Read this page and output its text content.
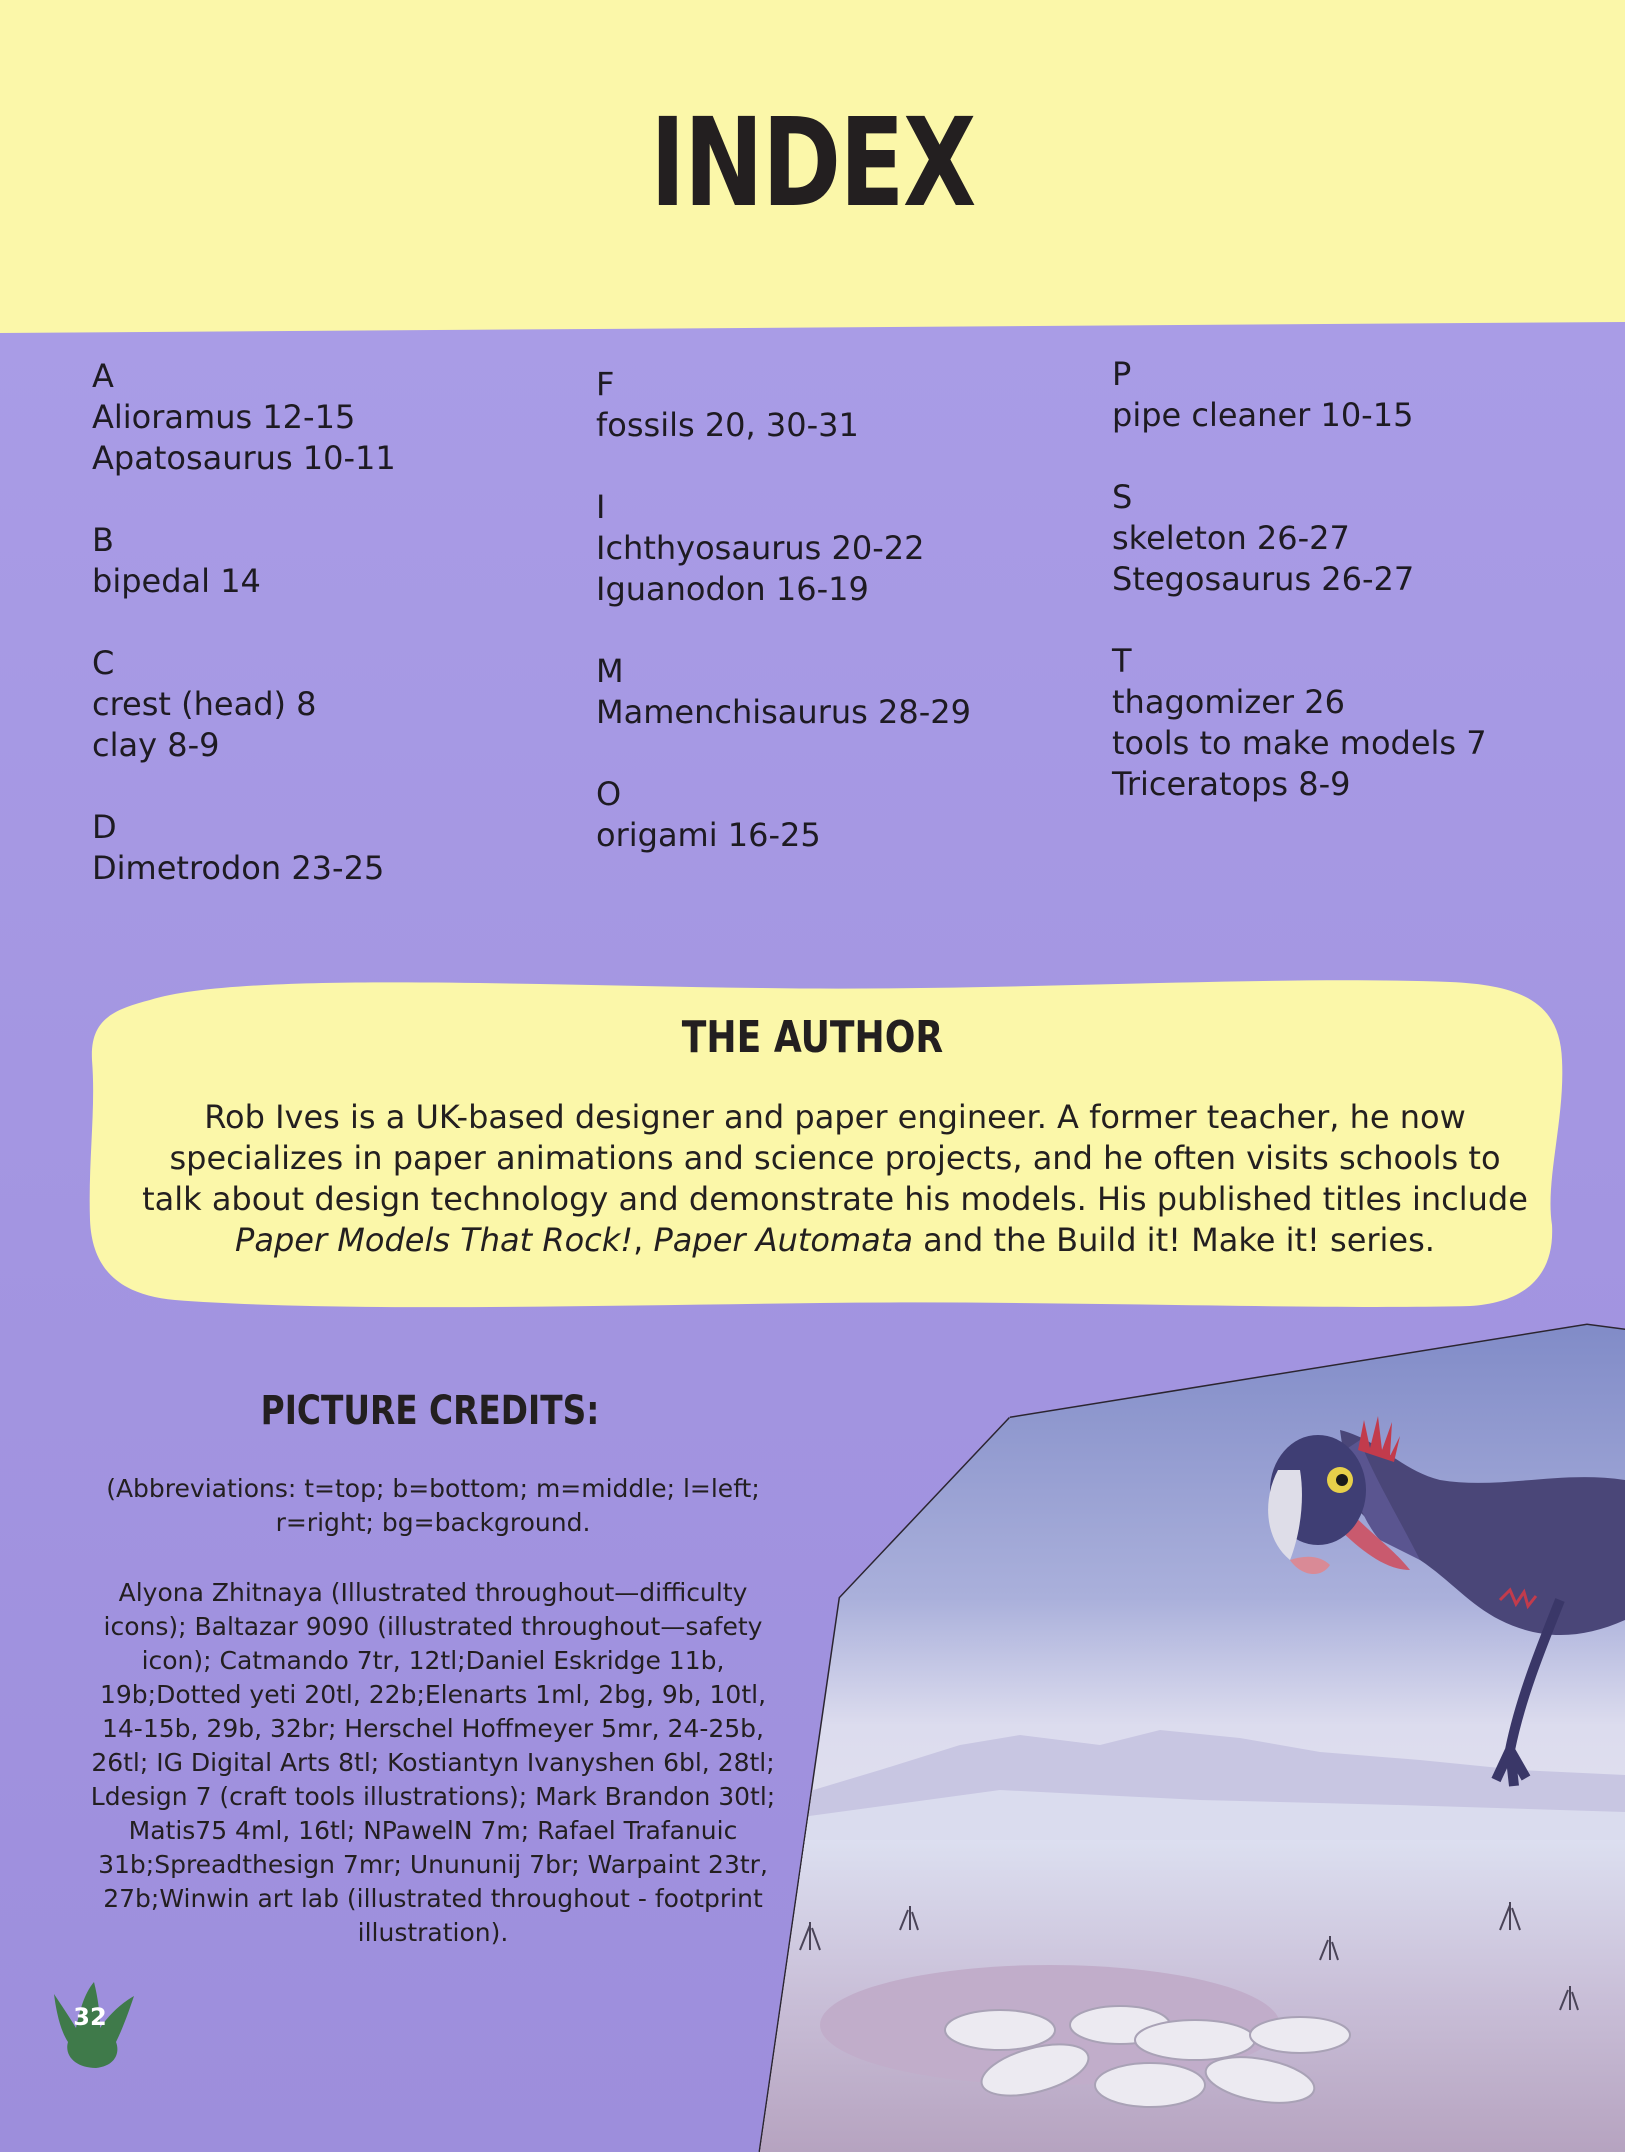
INDEX
A
Alioramus 12-15
Apatosaurus 10-11
B
bipedal 14
C
crest (head) 8
clay 8-9
D
Dimetrodon 23-25
F
fossils 20, 30-31
I
Ichthyosaurus 20-22
Iguanodon 16-19
M
Mamenchisaurus 28-29
O
origami 16-25
P
pipe cleaner 10-15
S
skeleton 26-27
Stegosaurus 26-27
T
thagomizer 26
tools to make models 7
Triceratops 8-9
THE AUTHOR
Rob Ives is a UK-based designer and paper engineer. A former teacher, he now specializes in paper animations and science projects, and he often visits schools to talk about design technology and demonstrate his models. His published titles include Paper Models That Rock!, Paper Automata and the Build it! Make it! series.
PICTURE CREDITS:
(Abbreviations: t=top; b=bottom; m=middle; l=left; r=right; bg=background.
Alyona Zhitnaya (Illustrated throughout—difficulty icons); Baltazar 9090 (illustrated throughout—safety icon); Catmando 7tr, 12tl;Daniel Eskridge 11b, 19b;Dotted yeti 20tl, 22b;Elenarts 1ml, 2bg, 9b, 10tl, 14-15b, 29b, 32br; Herschel Hoffmeyer 5mr, 24-25b, 26tl; IG Digital Arts 8tl; Kostiantyn Ivanyshen 6bl, 28tl; Ldesign 7 (craft tools illustrations); Mark Brandon 30tl; Matis75 4ml, 16tl; NPawelN 7m; Rafael Trafanuic 31b;Spreadthesign 7mr; Unununij 7br; Warpaint 23tr, 27b;Winwin art lab (illustrated throughout - footprint illustration).
32
